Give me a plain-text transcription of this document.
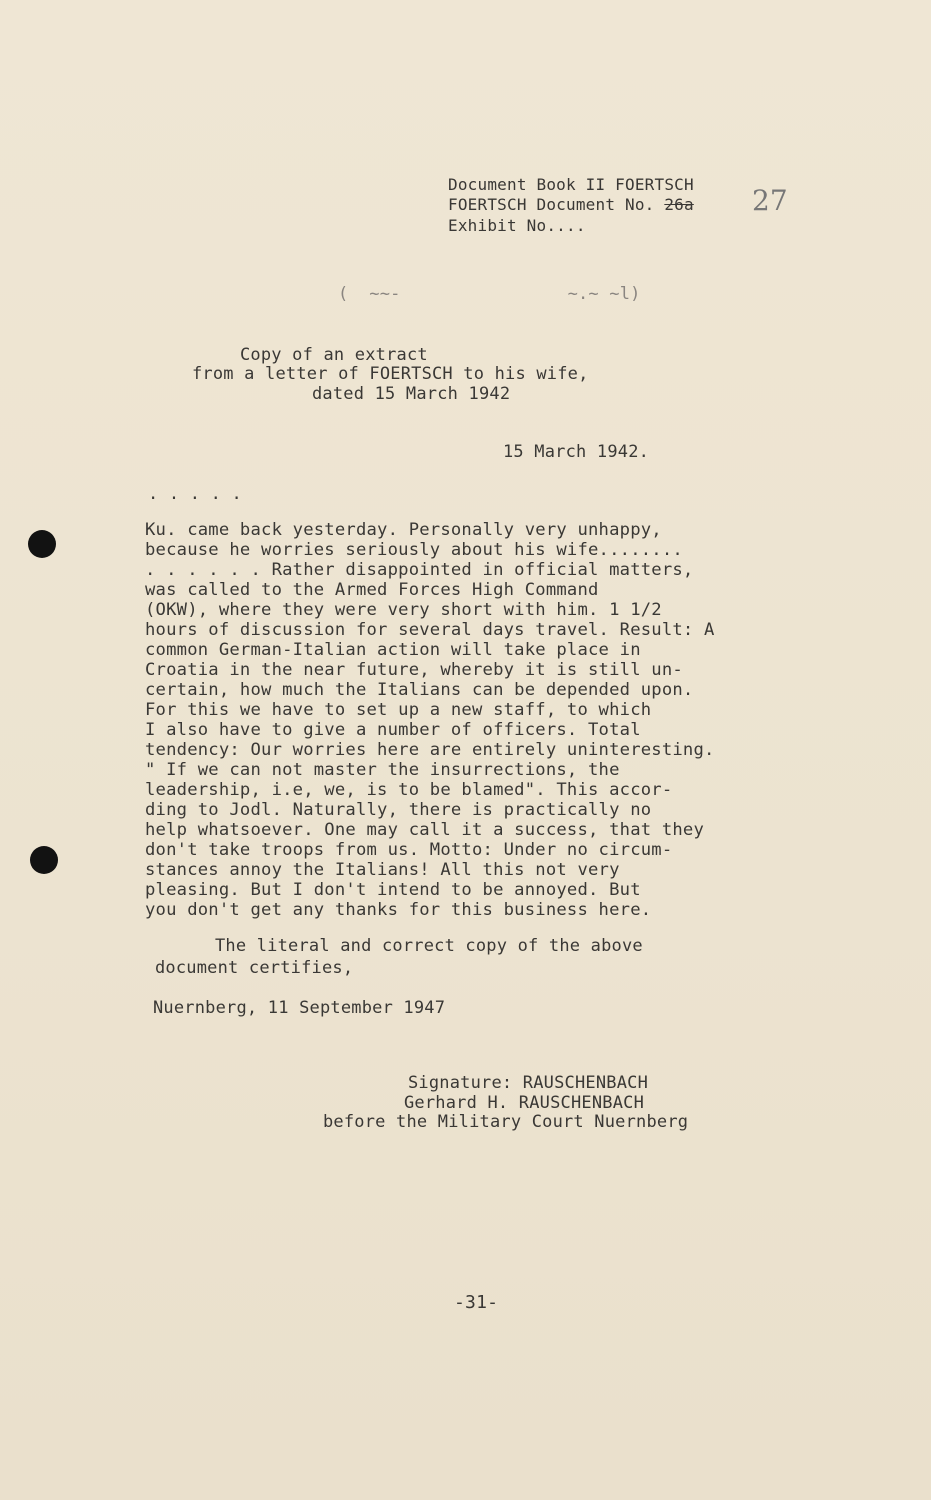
Document Book II FOERTSCH
FOERTSCH Document No. 26a
Exhibit No....
27
(  ~~-                ~.~ ~l)
Copy of an extract
from a letter of FOERTSCH to his wife,
dated 15 March 1942
15 March 1942.
. . . . .
Ku. came back yesterday. Personally very unhappy,
because he worries seriously about his wife........
. . . . . . Rather disappointed in official matters,
was called to the Armed Forces High Command
(OKW), where they were very short with him. 1 1/2
hours of discussion for several days travel. Result: A
common German-Italian action will take place in
Croatia in the near future, whereby it is still un-
certain, how much the Italians can be depended upon.
For this we have to set up a new staff, to which
I also have to give a number of officers. Total
tendency: Our worries here are entirely uninteresting.
" If we can not master the insurrections, the
leadership, i.e, we, is to be blamed". This accor-
ding to Jodl. Naturally, there is practically no
help whatsoever. One may call it a success, that they
don't take troops from us. Motto: Under no circum-
stances annoy the Italians! All this not very
pleasing. But I don't intend to be annoyed. But
you don't get any thanks for this business here.
The literal and correct copy of the above
document certifies,
Nuernberg, 11 September 1947
Signature: RAUSCHENBACH
Gerhard H. RAUSCHENBACH
before the Military Court Nuernberg
-31-
